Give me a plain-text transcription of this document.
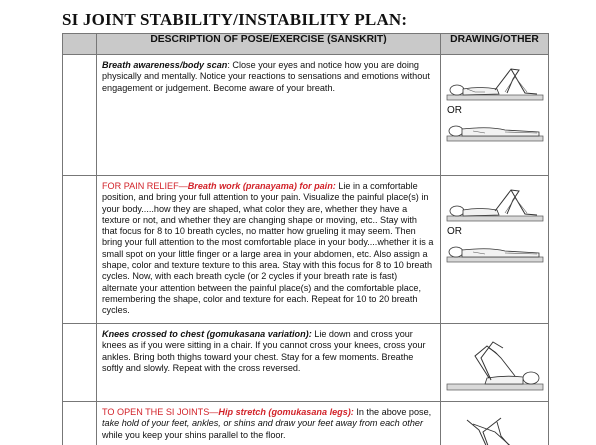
SI JOINT STABILITY/INSTABILITY PLAN:
	DESCRIPTION OF POSE/EXERCISE (SANSKRIT)	DRAWING/OTHER
	Breath awareness/body scan: Close your eyes and notice how you are doing physically and mentally. Notice your reactions to sensations and emotions without engagement or judgement. Become aware of your breath.	OR

	FOR PAIN RELIEF—Breath work (pranayama) for pain: Lie in a comfortable position, and bring your full attention to your pain. Visualize the painful place(s) in your body.....how they are shaped, what color they are, whether they have a texture or not, and whether they are changing shape or moving, etc.. Stay with that focus for 8 to 10 breath cycles, no matter how grueling it may seem. Then bring your full attention to the most comfortable place in your body....whether it is a small spot on your little finger or a large area in your abdomen, etc. Also assign a shape, color and texture texture to this area. Stay with this focus for 8 to 10 breath cycles. Now, with each breath cycle (or 2 cycles if your breath rate is fast) alternate your attention between the painful place(s) and the comfortable place, remembering the shape, color and texture for each. Repeat for 10 to 20 breath cycles.	OR

	Knees crossed to chest (gomukasana variation): Lie down and cross your knees as if you were sitting in a chair. If you cannot cross your knees, cross your ankles. Bring both thighs toward your chest. Stay for a few moments. Breathe softly and slowly. Repeat with the cross reversed.	

	TO OPEN THE SI JOINTS—Hip stretch (gomukasana legs): In the above pose, take hold of your feet, ankles, or shins and draw your feet away from each other while you keep your shins parallel to the floor.	
